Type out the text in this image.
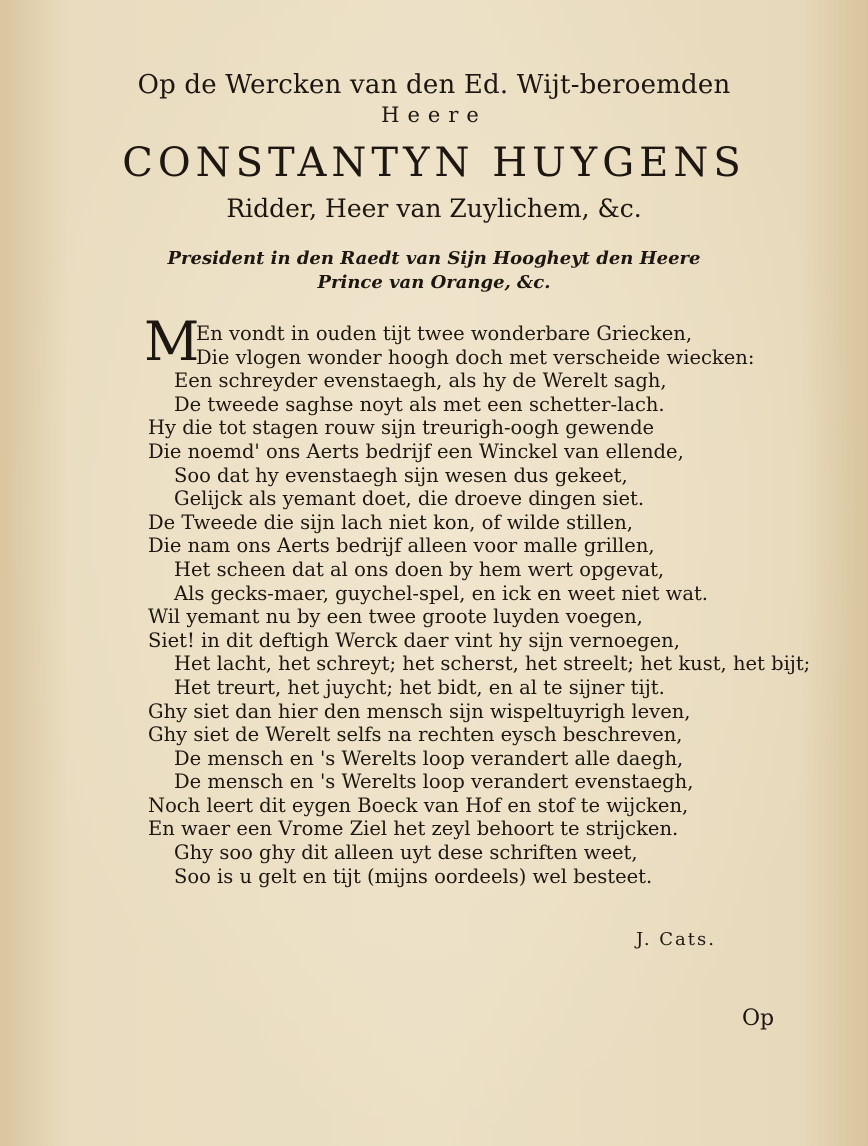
Op de Wercken van den Ed. Wijt-beroemden
Heere
CONSTANTYN HUYGENS
Ridder, Heer van Zuylichem, &c.
President in den Raedt van Sijn Hoogheyt den Heere
Prince van Orange, &c.
M
En vondt in ouden tijt twee wonderbare Griecken,
Die vlogen wonder hoogh doch met verscheide wiecken:
Een schreyder evenstaegh, als hy de Werelt sagh,
De tweede saghse noyt als met een schetter-lach.
Hy die tot stagen rouw sijn treurigh-oogh gewende
Die noemd' ons Aerts bedrijf een Winckel van ellende,
Soo dat hy evenstaegh sijn wesen dus gekeet,
Gelijck als yemant doet, die droeve dingen siet.
De Tweede die sijn lach niet kon, of wilde stillen,
Die nam ons Aerts bedrijf alleen voor malle grillen,
Het scheen dat al ons doen by hem wert opgevat,
Als gecks-maer, guychel-spel, en ick en weet niet wat.
Wil yemant nu by een twee groote luyden voegen,
Siet! in dit deftigh Werck daer vint hy sijn vernoegen,
Het lacht, het schreyt; het scherst, het streelt; het kust, het bijt;
Het treurt, het juycht; het bidt, en al te sijner tijt.
Ghy siet dan hier den mensch sijn wispeltuyrigh leven,
Ghy siet de Werelt selfs na rechten eysch beschreven,
De mensch en 's Werelts loop verandert alle daegh,
De mensch en 's Werelts loop verandert evenstaegh,
Noch leert dit eygen Boeck van Hof en stof te wijcken,
En waer een Vrome Ziel het zeyl behoort te strijcken.
Ghy soo ghy dit alleen uyt dese schriften weet,
Soo is u gelt en tijt (mijns oordeels) wel besteet.
J. Cats.
Op
